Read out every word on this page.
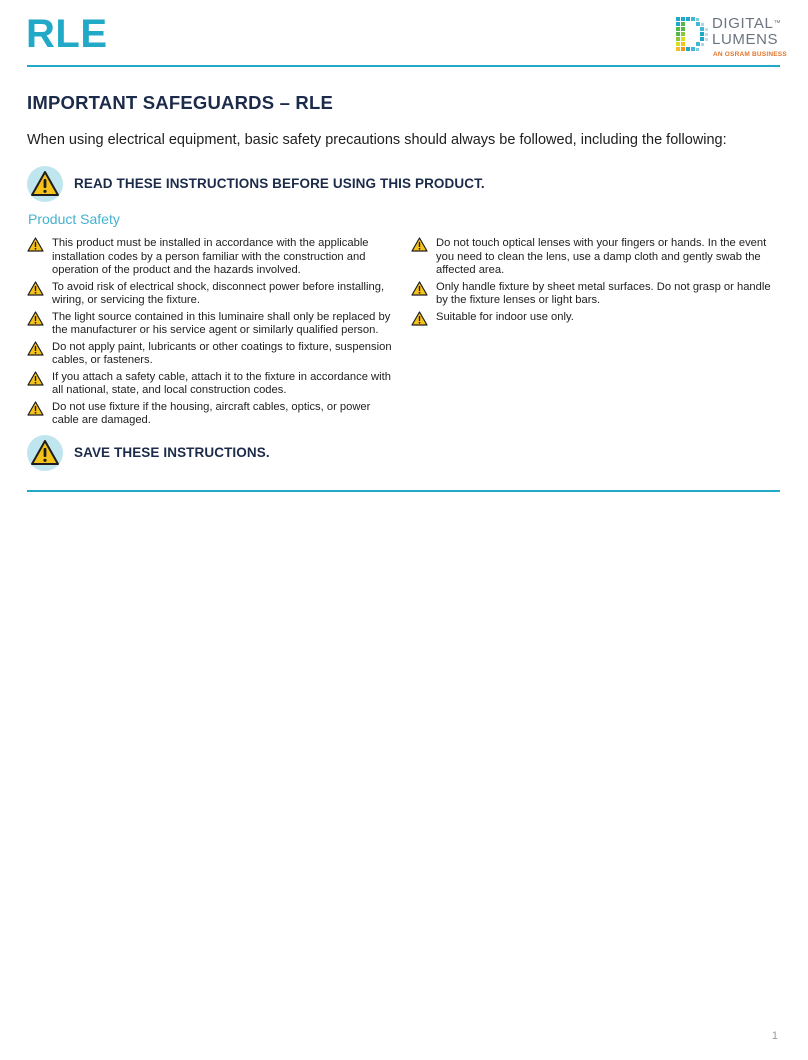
RLE	DIGITAL™
LUMENS
AN OSRAM BUSINESS
IMPORTANT SAFEGUARDS – RLE
When using electrical equipment, basic safety precautions should always be followed, including the following:
READ THESE INSTRUCTIONS BEFORE USING THIS PRODUCT.
Product Safety
This product must be installed in accordance with the applicable installation codes by a person familiar with the construction and operation of the product and the hazards involved.
To avoid risk of electrical shock, disconnect power before installing, wiring, or servicing the fixture.
The light source contained in this luminaire shall only be replaced by the manufacturer or his service agent or similarly qualified person.
Do not apply paint, lubricants or other coatings to fixture, suspension cables, or fasteners.
If you attach a safety cable, attach it to the fixture in accordance with all national, state, and local construction codes.
Do not use fixture if the housing, aircraft cables, optics, or power cable are damaged.
Do not touch optical lenses with your fingers or hands. In the event you need to clean the lens, use a damp cloth and gently swab the affected area.
Only handle fixture by sheet metal surfaces. Do not grasp or handle by the fixture lenses or light bars.
Suitable for indoor use only.
SAVE THESE INSTRUCTIONS.
1
